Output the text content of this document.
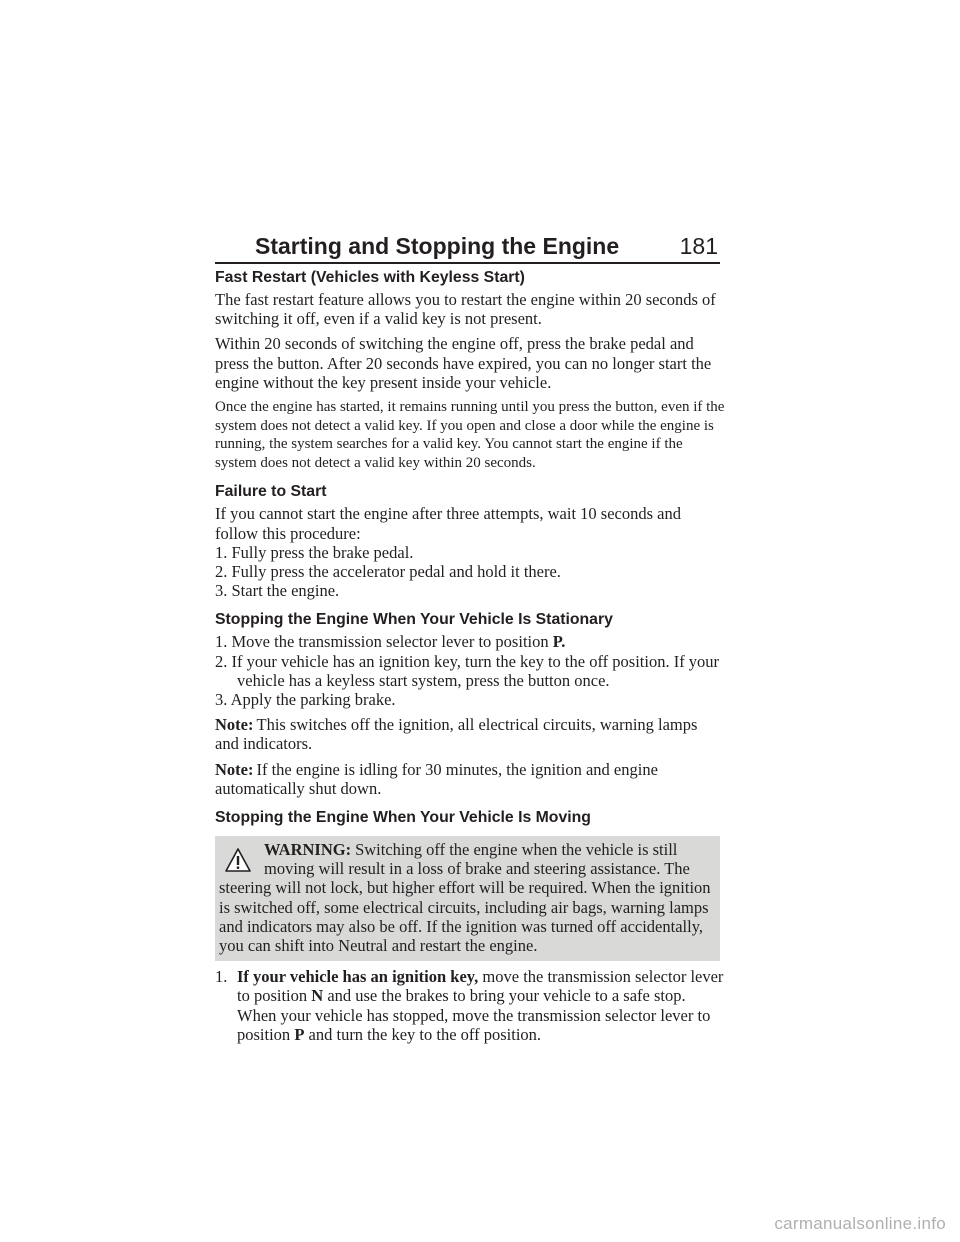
Starting and Stopping the Engine	181
Fast Restart (Vehicles with Keyless Start)

The fast restart feature allows you to restart the engine within 20 seconds of switching it off, even if a valid key is not present.

Within 20 seconds of switching the engine off, press the brake pedal and press the button. After 20 seconds have expired, you can no longer start the engine without the key present inside your vehicle.

Once the engine has started, it remains running until you press the button, even if the system does not detect a valid key. If you open and close a door while the engine is running, the system searches for a valid key. You cannot start the engine if the system does not detect a valid key within 20 seconds.

Failure to Start
If you cannot start the engine after three attempts, wait 10 seconds and follow this procedure:
1. Fully press the brake pedal.
2. Fully press the accelerator pedal and hold it there.
3. Start the engine.
Stopping the Engine When Your Vehicle Is Stationary
1. Move the transmission selector lever to position P.
2. If your vehicle has an ignition key, turn the key to the off position. If your vehicle has a keyless start system, press the button once.
3. Apply the parking brake.

Note: This switches off the ignition, all electrical circuits, warning lamps and indicators.

Note: If the engine is idling for 30 minutes, the ignition and engine automatically shut down.

Stopping the Engine When Your Vehicle Is Moving
WARNING: Switching off the engine when the vehicle is still moving will result in a loss of brake and steering assistance. The
steering will not lock, but higher effort will be required. When the ignition is switched off, some electrical circuits, including air bags, warning lamps and indicators may also be off. If the ignition was turned off accidentally, you can shift into Neutral and restart the engine.

1. If your vehicle has an ignition key, move the transmission selector lever to position N and use the brakes to bring your vehicle to a safe stop. When your vehicle has stopped, move the transmission selector lever to position P and turn the key to the off position.

carmanualsonline.info
